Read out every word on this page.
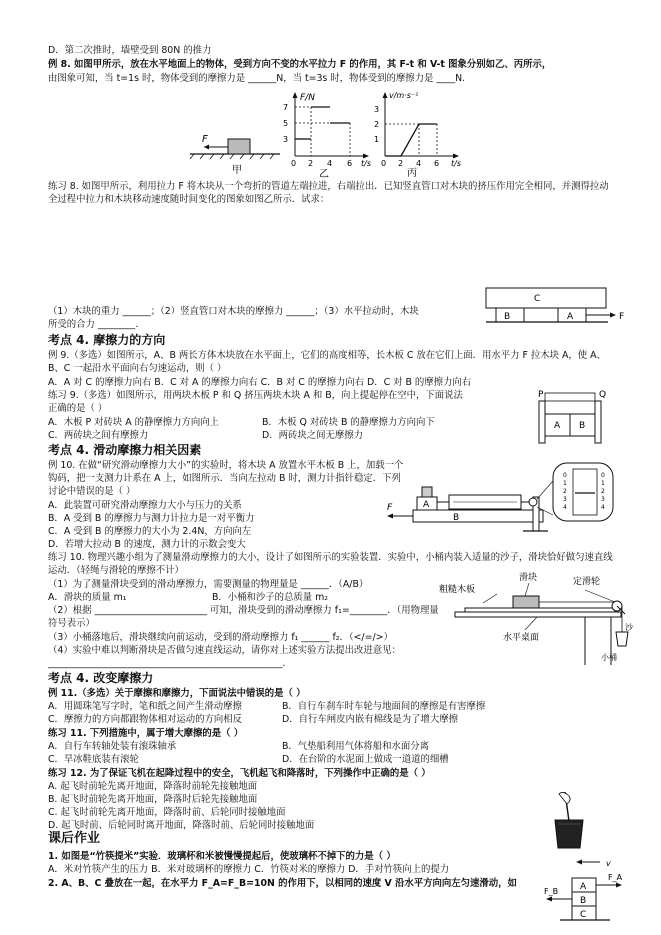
D．第二次推时，墙壁受到 80N 的推力
例 8. 如图甲所示，放在水平地面上的物体，受到方向不变的水平拉力 F 的作用，其 F-t 和 V-t 图象分别如乙、丙所示，
由图象可知，当 t=1s 时，物体受到的摩擦力是 ______N，当 t=3s 时，物体受到的摩擦力是 ____N.
练习 8. 如图甲所示，利用拉力 F 将木块从一个弯折的管道左端拉进，右端拉出．已知竖直管口对木块的挤压作用完全相同，并测得拉动全过程中拉力和木块移动速度随时间变化的图象如图乙所示．试求：
（1）木块的重力 ______；（2）竖直管口对木块的摩擦力 ______；（3）水平拉动时，木块所受的合力 ________.
考点 4. 摩擦力的方向
例 9.（多选）如图所示，A、B 两长方体木块放在水平面上，它们的高度相等，长木板 C 放在它们上面．用水平力 F 拉木块 A，使 A、B、C 一起沿水平面向右匀速运动，则（ ）
A．A 对 C 的摩擦力向右 B．C 对 A 的摩擦力向右 C．B 对 C 的摩擦力向右 D．C 对 B 的摩擦力向右
练习 9.（多选）如图所示，用两块木板 P 和 Q 挤压两块木块 A 和 B，向上提起停在空中，下面说法正确的是（ ）
A．木板 P 对砖块 A 的静摩擦力方向向上	B．木板 Q 对砖块 B 的静摩擦力方向向下
C．两砖块之间有摩擦力	D．两砖块之间无摩擦力
考点 4. 滑动摩擦力相关因素
例 10. 在做“研究滑动摩擦力大小”的实验时，将木块 A 放置水平木板 B 上，加载一个钩码，把一支测力计系在 A 上，如图所示．当向左拉动 B 时，测力计指针稳定．下列讨论中错误的是（ ）
A．此装置可研究滑动摩擦力大小与压力的关系
B．A 受到 B 的摩擦力与测力计拉力是一对平衡力
C．A 受到 B 的摩擦力的大小为 2.4N，方向向左
D．若增大拉动 B 的速度，测力计的示数会变大
练习 10. 物理兴趣小组为了测量滑动摩擦力的大小，设计了如图所示的实验装置．实验中，小桶内装入适量的沙子，滑块恰好做匀速直线运动．（轻绳与滑轮的摩擦不计）
（1）为了测量滑块受到的滑动摩擦力，需要测量的物理量是 ______．（A/B）
A．滑块的质量 m₁	B．小桶和沙子的总质量 m₂
（2）根据 ________________________ 可知，滑块受到的滑动摩擦力 f₁=________．（用物理量符号表示）
（3）小桶落地后，滑块继续向前运动，受到的滑动摩擦力 f₁ ______ f₂．（</=/>）
（4）实验中难以判断滑块是否做匀速直线运动，请你对上述实验方法提出改进意见：__________________________________________________.
考点 4. 改变摩擦力
例 11.（多选）关于摩擦和摩擦力，下面说法中错误的是（ ）
A．用圆珠笔写字时，笔和纸之间产生滑动摩擦	B．自行车刹车时车轮与地面间的摩擦是有害摩擦
C．摩擦力的方向都跟物体相对运动的方向相反	D．自行车闸皮内嵌有棉线是为了增大摩擦
练习 11. 下列措施中，属于增大摩擦的是（ ）
A．自行车转轴处装有滚珠轴承	B．气垫船利用气体将船和水面分离
C．旱冰鞋底装有滚轮	D．在台阶的水泥面上做成一道道的细槽
练习 12. 为了保证飞机在起降过程中的安全，飞机起飞和降落时，下列操作中正确的是（ ）
A. 起飞时前轮先离开地面，降落时前轮先接触地面
B. 起飞时前轮先离开地面，降落时后轮先接触地面
C. 起飞时前轮先离开地面，降落时前、后轮同时接触地面
D. 起飞时前、后轮同时离开地面，降落时前、后轮同时接触地面
课后作业
1. 如图是“竹筷提米”实验．玻璃杯和米被慢慢提起后，使玻璃杯不掉下的力是（ ）
A．米对竹筷产生的压力 B．米对玻璃杯的摩擦力 C．竹筷对米的摩擦力 D．手对竹筷向上的提力
2. A、B、C 叠放在一起，在水平力 F_A=F_B=10N 的作用下，以相同的速度 V 沿水平方向向左匀速滑动，如
F
甲
F/N
7
5
3
0 2 4 6 t/s
乙
v/m·s⁻¹
3
2
1
0 2 4 6 t/s
丙
C
B	A	F
P	Q
A B
B
F	A
0
1
2
3
4
0
1
2
3
4
滑块
粗糙木板
定滑轮
水平桌面
沙
小桶
v
A
B
C
F_A
F_B
